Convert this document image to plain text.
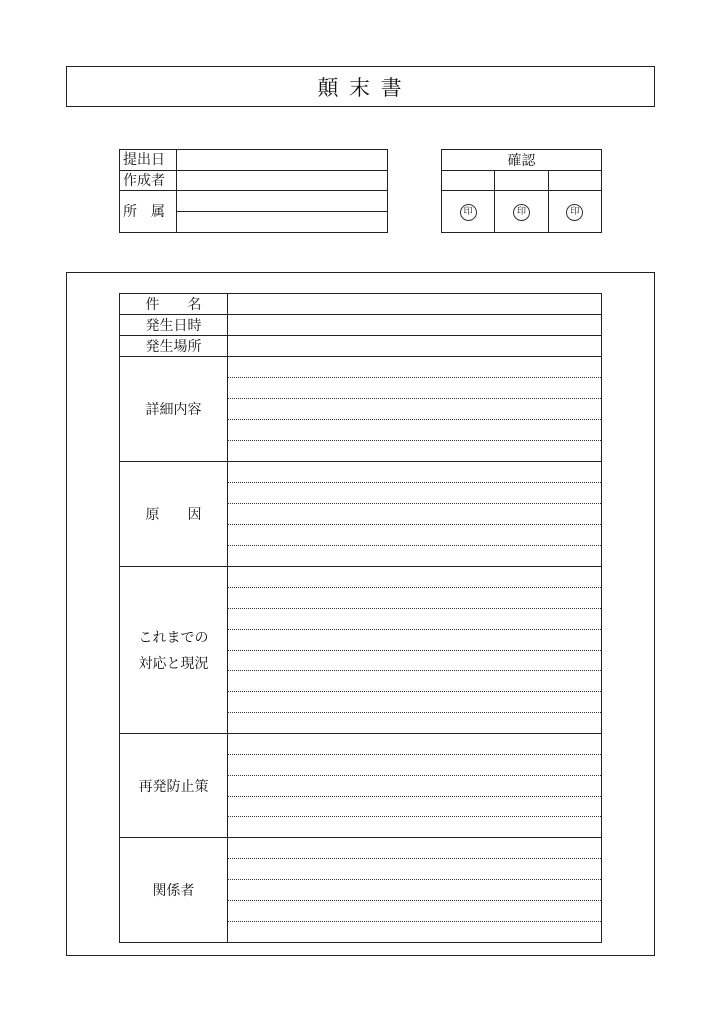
顛 末 書
提出日	
作成者	
所　属	
確認		

印	印	印
件　　名	
発生日時	
発生場所	
詳細内容	

原　　因	

これまでの
対応と現況	

再発防止策	

関係者	
